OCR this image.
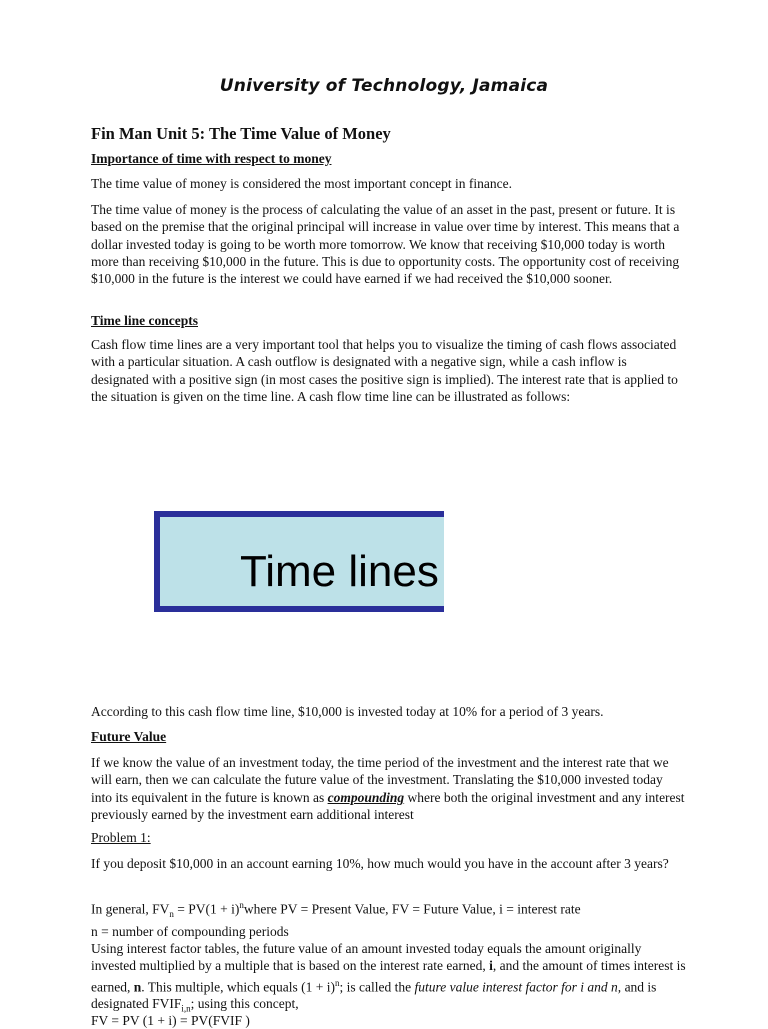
University of Technology, Jamaica
Fin Man Unit 5: The Time Value of Money
Importance of time with respect to money

The time value of money is considered the most important concept in finance.

The time value of money is the process of calculating the value of an asset in the past, present or future. It is based on the premise that the original principal will increase in value over time by interest. This means that a dollar invested today is going to be worth more tomorrow. We know that receiving $10,000 today is worth more than receiving $10,000 in the future. This is due to opportunity costs. The opportunity cost of receiving $10,000 in the future is the interest we could have earned if we had received the $10,000 sooner.

Time line concepts

Cash flow time lines are a very important tool that helps you to visualize the timing of cash flows associated with a particular situation. A cash outflow is designated with a negative sign, while a cash inflow is designated with a positive sign (in most cases the positive sign is implied). The interest rate that is applied to the situation is given on the time line. A cash flow time line can be illustrated as follows:

Time lines

According to this cash flow time line, $10,000 is invested today at 10% for a period of 3 years.

Future Value

If we know the value of an investment today, the time period of the investment and the interest rate that we will earn, then we can calculate the future value of the investment. Translating the $10,000 invested today into its equivalent in the future is known as compounding where both the original investment and any interest previously earned by the investment earn additional interest

Problem 1:

If you deposit $10,000 in an account earning 10%, how much would you have in the account after 3 years?

In general, $FV_n = PV(1$ + $i)^nwhere$ PV = Present Value, FV = Future Value, i = interest rate
n = number of compounding periods

Using interest factor tables, the future value of an amount invested today equals the amount originally invested multiplied by a multiple that is based on the interest rate earned, i, and the amount of times interest is earned, n. This multiple, which equals $(1 + i)^n$; is called the future value interest factor for i and n, and is designated $FVIF_{i,n}$; using this concept,

FV = PV (1 + i) = PV(FVIF )
